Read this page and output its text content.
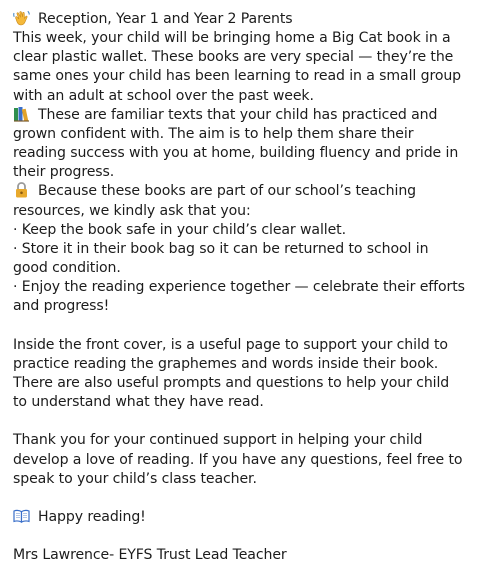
Reception, Year 1 and Year 2 Parents
This week, your child will be bringing home a Big Cat book in a
clear plastic wallet. These books are very special — they’re the
same ones your child has been learning to read in a small group
with an adult at school over the past week.
These are familiar texts that your child has practiced and
grown confident with. The aim is to help them share their
reading success with you at home, building fluency and pride in
their progress.
Because these books are part of our school’s teaching
resources, we kindly ask that you:
· Keep the book safe in your child’s clear wallet.
· Store it in their book bag so it can be returned to school in
good condition.
· Enjoy the reading experience together — celebrate their efforts
and progress!
Inside the front cover, is a useful page to support your child to
practice reading the graphemes and words inside their book.
There are also useful prompts and questions to help your child
to understand what they have read.
Thank you for your continued support in helping your child
develop a love of reading. If you have any questions, feel free to
speak to your child’s class teacher.
Happy reading!
Mrs Lawrence- EYFS Trust Lead Teacher
